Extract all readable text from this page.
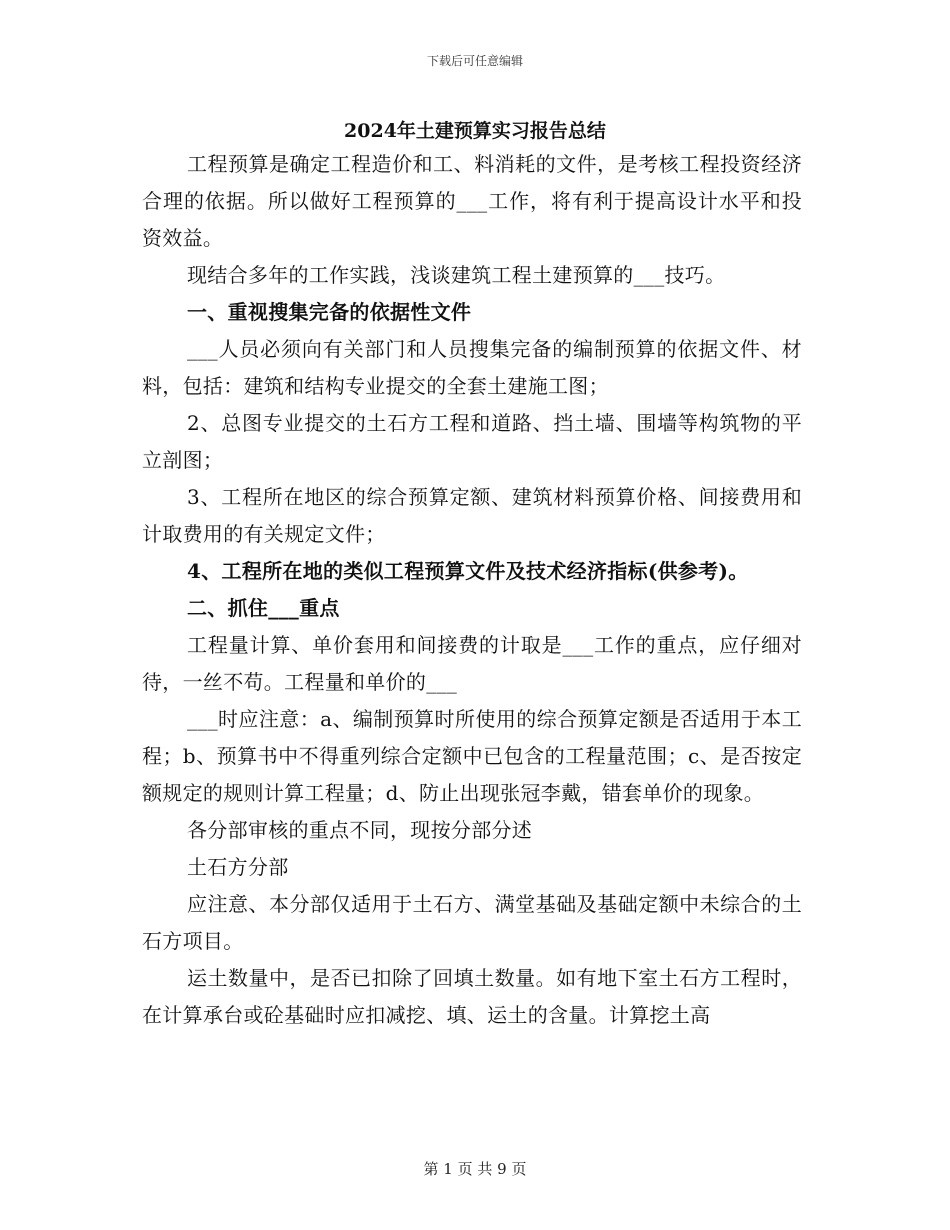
下载后可任意编辑
2024年土建预算实习报告总结

工程预算是确定工程造价和工、料消耗的文件，是考核工程投资经济合理的依据。所以做好工程预算的___工作，将有利于提高设计水平和投资效益。

现结合多年的工作实践，浅谈建筑工程土建预算的___技巧。

一、重视搜集完备的依据性文件

___人员必须向有关部门和人员搜集完备的编制预算的依据文件、材料，包括：建筑和结构专业提交的全套土建施工图；

2、总图专业提交的土石方工程和道路、挡土墙、围墙等构筑物的平立剖图；

3、工程所在地区的综合预算定额、建筑材料预算价格、间接费用和计取费用的有关规定文件；

4、工程所在地的类似工程预算文件及技术经济指标(供参考)。

二、抓住___重点

工程量计算、单价套用和间接费的计取是___工作的重点，应仔细对待，一丝不苟。工程量和单价的___

___时应注意：a、编制预算时所使用的综合预算定额是否适用于本工程；b、预算书中不得重列综合定额中已包含的工程量范围；c、是否按定额规定的规则计算工程量；d、防止出现张冠李戴，错套单价的现象。

各分部审核的重点不同，现按分部分述

土石方分部

应注意、本分部仅适用于土石方、满堂基础及基础定额中未综合的土石方项目。

运土数量中，是否已扣除了回填土数量。如有地下室土石方工程时，在计算承台或砼基础时应扣减挖、填、运土的含量。计算挖土高

第 1 页 共 9 页
